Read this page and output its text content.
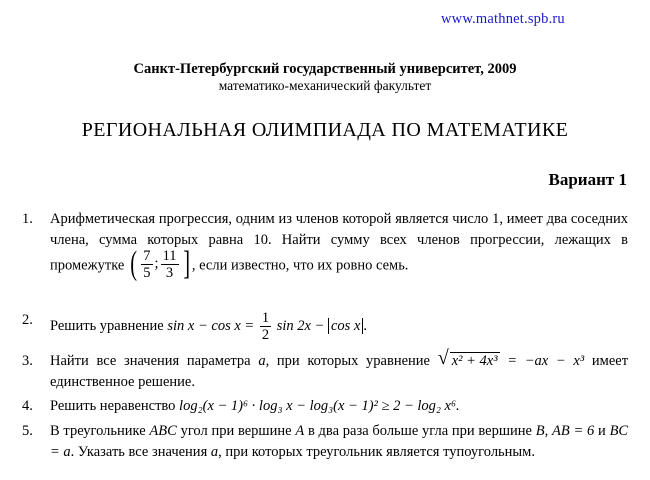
www.mathnet.spb.ru
Санкт-Петербургский государственный университет, 2009
математико-механический факультет
РЕГИОНАЛЬНАЯ ОЛИМПИАДА ПО МАТЕМАТИКЕ
Вариант 1
1. Арифметическая прогрессия, одним из членов которой является число 1, имеет два соседних члена, сумма которых равна 10. Найти сумму всех членов прогрессии, лежащих в промежутке ( $\frac{7}{5}$ ; $\frac{11}{3}$ ] , если известно, что их ровно семь.
2. Решить уравнение $\sin x - \cos x = \frac{1}{2}$ sin 2x − cos x .
3. Найти все значения параметра a, при которых уравнение √ x² + 4x³ = −ax − x³ имеет единственное решение.
4. Решить неравенство log₂(x − 1)⁶ · log₃ x − log₃(x − 1)² ≥ 2 − log₂ x⁶.
5. В треугольнике ABC угол при вершине A в два раза больше угла при вершине B, AB = 6 и BC = a. Указать все значения a, при которых треугольник является тупоугольным.
